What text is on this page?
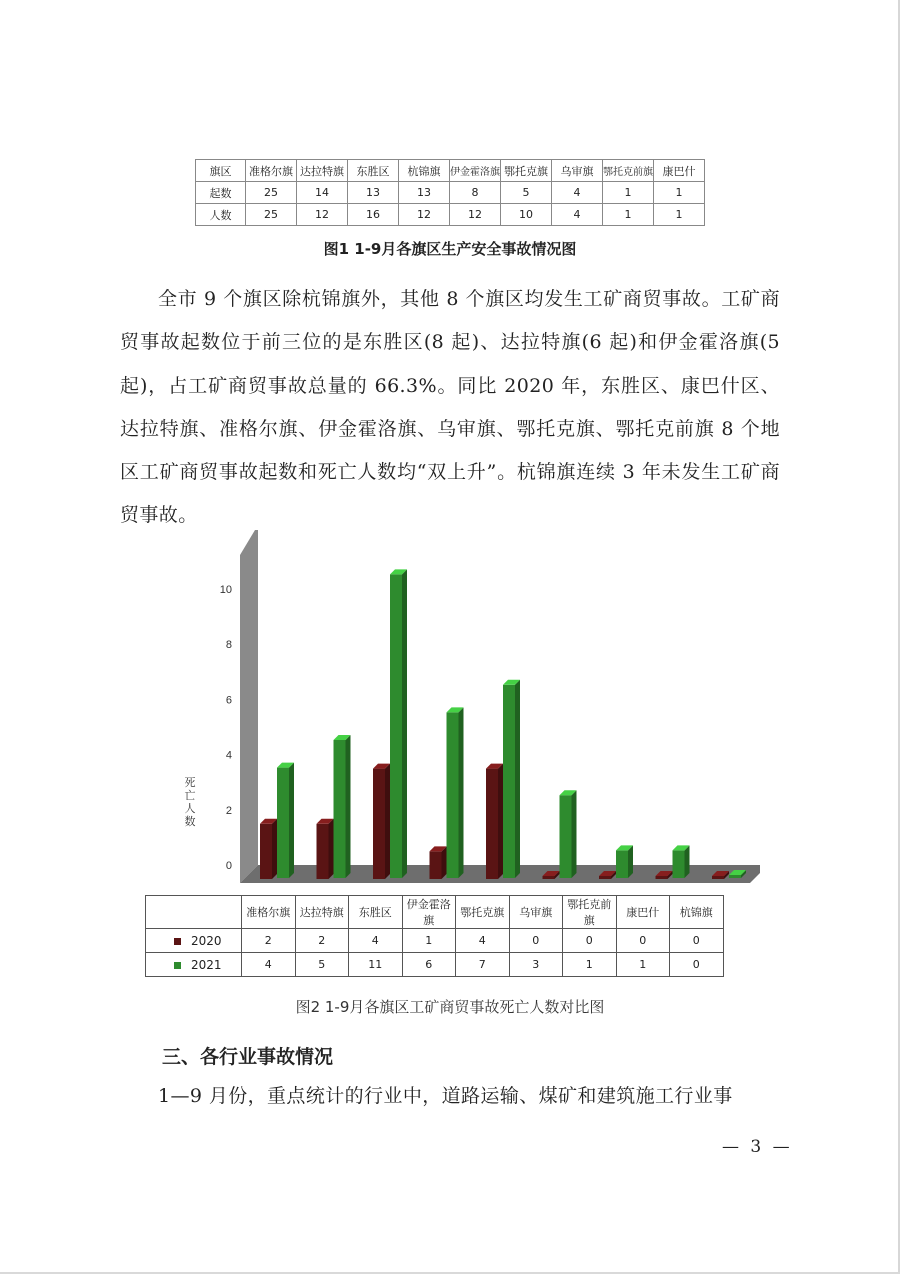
旗区	准格尔旗	达拉特旗	东胜区	杭锦旗	伊金霍洛旗	鄂托克旗	乌审旗	鄂托克前旗	康巴什
起数	25	14	13	13	8	5	4	1	1
人数	25	12	16	12	12	10	4	1	1
图1 1-9月各旗区生产安全事故情况图

全市 9 个旗区除杭锦旗外，其他 8 个旗区均发生工矿商贸事故。工矿商贸事故起数位于前三位的是东胜区(8 起)、达拉特旗(6 起)和伊金霍洛旗(5 起)，占工矿商贸事故总量的 66.3%。同比 2020 年，东胜区、康巴什区、达拉特旗、准格尔旗、伊金霍洛旗、乌审旗、鄂托克旗、鄂托克前旗 8 个地区工矿商贸事故起数和死亡人数均“双上升”。杭锦旗连续 3 年未发生工矿商贸事故。

0
2
4
6
8
10
死
亡
人
数
	准格尔旗	达拉特旗	东胜区	伊金霍洛旗	鄂托克旗	乌审旗	鄂托克前旗	康巴什	杭锦旗
2020	2	2	4	1	4	0	0	0	0
2021	4	5	11	6	7	3	1	1	0
图2 1-9月各旗区工矿商贸事故死亡人数对比图
三、各行业事故情况

1—9 月份，重点统计的行业中，道路运输、煤矿和建筑施工行业事

— 3 —
